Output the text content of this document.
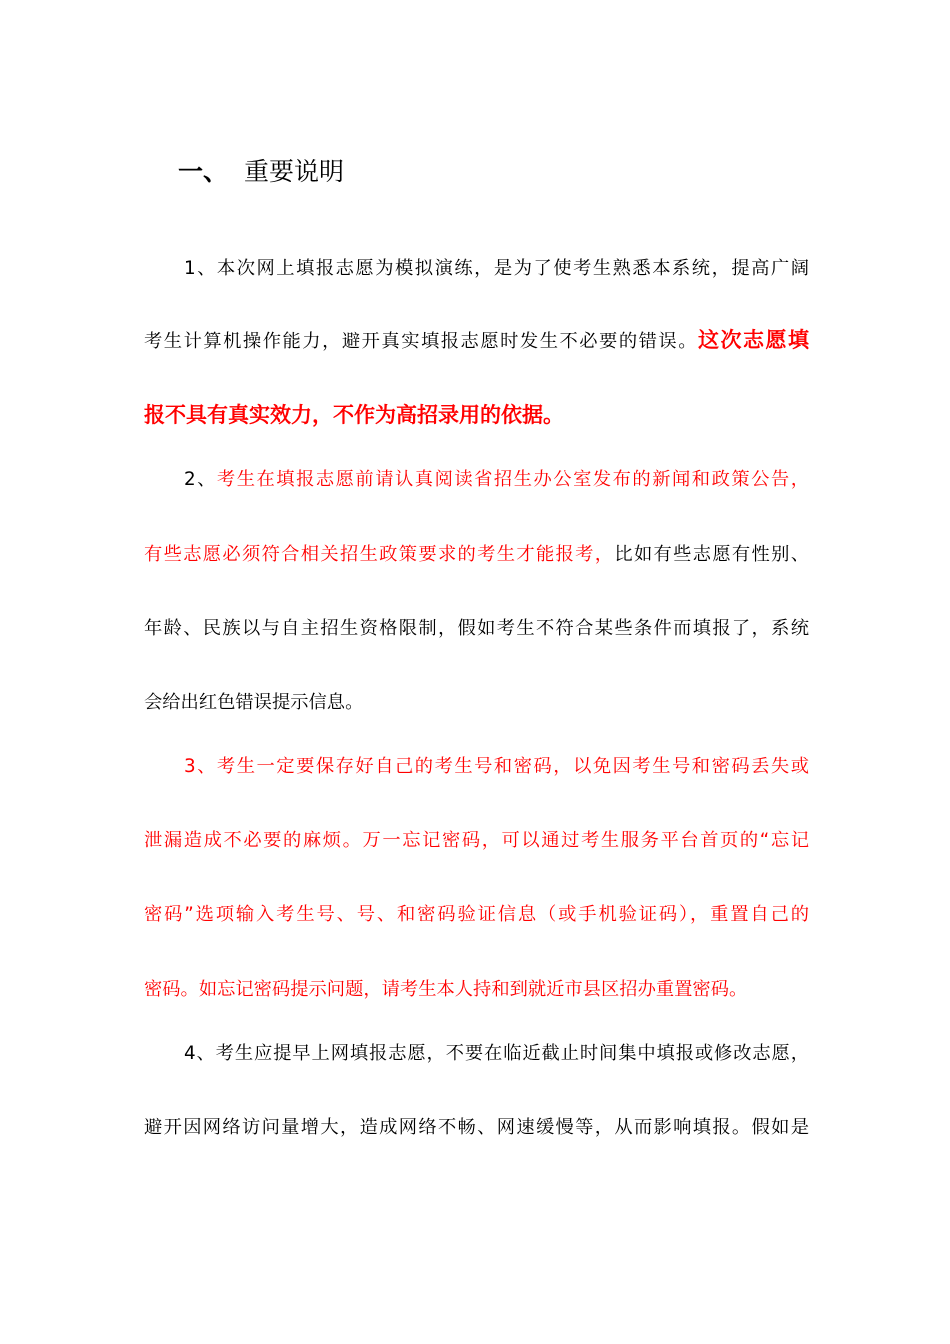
一、 重要说明
1、本次网上填报志愿为模拟演练，是为了使考生熟悉本系统，提高广阔
考生计算机操作能力，避开真实填报志愿时发生不必要的错误。这次志愿填
报不具有真实效力，不作为高招录用的依据。
2、考生在填报志愿前请认真阅读省招生办公室发布的新闻和政策公告，
有些志愿必须符合相关招生政策要求的考生才能报考，比如有些志愿有性别、
年龄、民族以与自主招生资格限制，假如考生不符合某些条件而填报了，系统
会给出红色错误提示信息。
3、考生一定要保存好自己的考生号和密码，以免因考生号和密码丢失或
泄漏造成不必要的麻烦。万一忘记密码，可以通过考生服务平台首页的“忘记
密码”选项输入考生号、号、和密码验证信息（或手机验证码），重置自己的
密码。如忘记密码提示问题，请考生本人持和到就近市县区招办重置密码。
4、考生应提早上网填报志愿，不要在临近截止时间集中填报或修改志愿，
避开因网络访问量增大，造成网络不畅、网速缓慢等，从而影响填报。假如是
